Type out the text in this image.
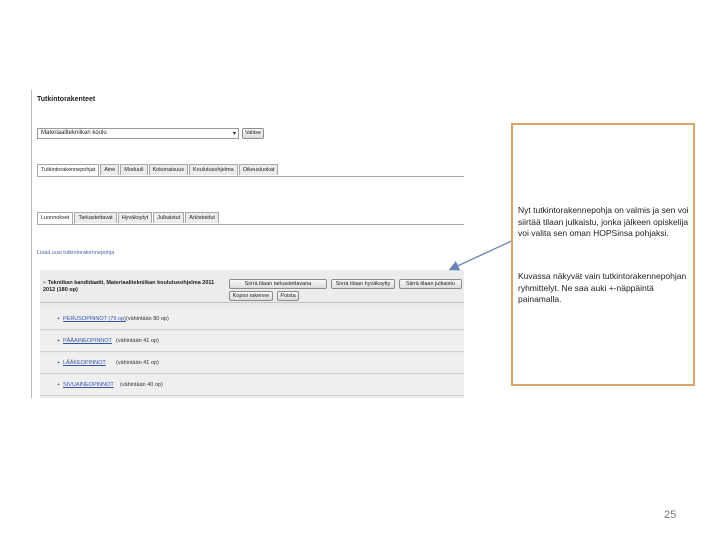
Tutkintorakenteet
Materiaalitekniikan koulu	▾	Valitse
Tutkintorakennepohjat	Aine	Moduuli	Kokonaisuus	Koulutusohjelma	Oikeusluokat
Luonnokset	Tarkastettavat	Hyväksytyt	Julkaistut	Arkistoidut
Lisää uusi tutkintorakennepohja
− Tekniikan kandidaatti, Materiaalitekniikan koulutusohjelma 2011
2012 (180 op)
Siirrä tilaan tarkastettavana	Siirrä tilaan hyväksytty	Siirrä tilaan julkaistu
Kopioi rakenne	Poista
+ PERUSOPINNOT (79 op) (vähintään 80 op)
+ PÄÄAINEOPINNOT (vähintään 41 op)
+ LÄÄKEOPINNOT (vähintään 41 op)
+ SIVUAINEOPINNOT (vähintään 40 op)

Nyt tutkintorakennepohja on valmis ja sen voi siirtää tilaan julkaistu, jonka jälkeen opiskelija voi valita sen oman HOPSinsa pohjaksi.

Kuvassa näkyvät vain tutkintorakennepohjan ryhmittelyt. Ne saa auki +-näppäintä painamalla.

25
